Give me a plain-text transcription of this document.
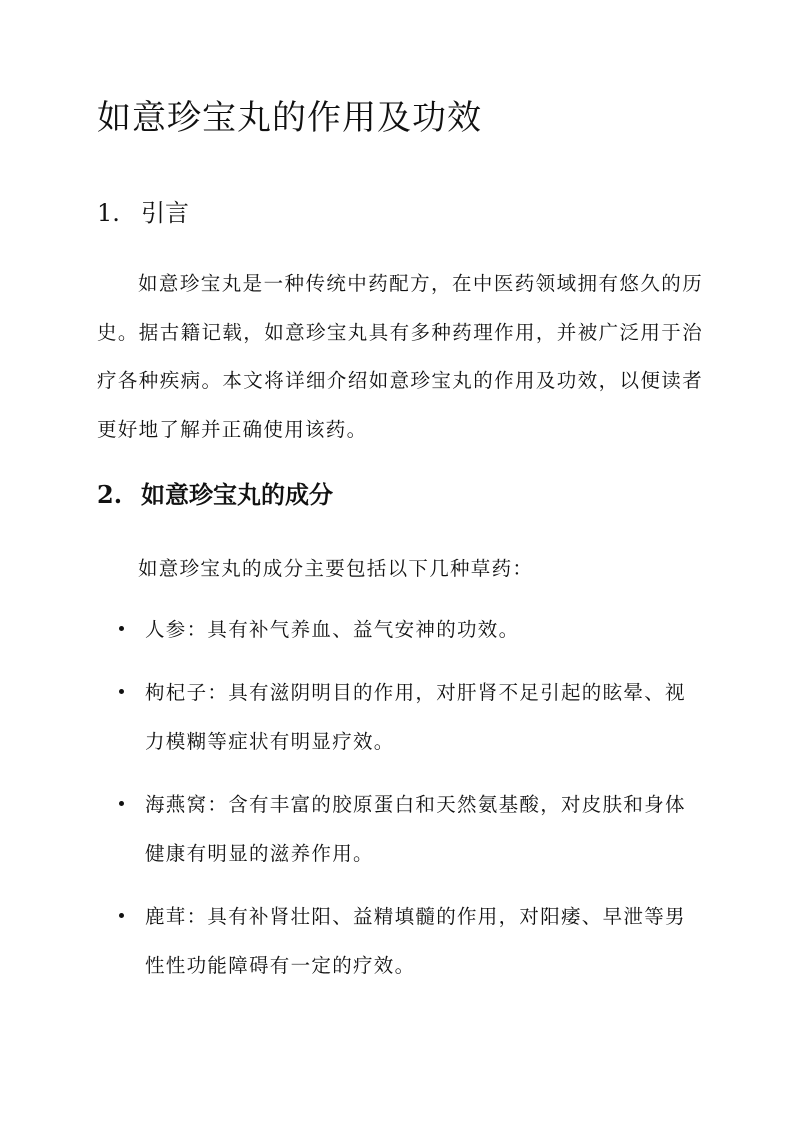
如意珍宝丸的作用及功效
1. 引言

如意珍宝丸是一种传统中药配方，在中医药领域拥有悠久的历史。据古籍记载，如意珍宝丸具有多种药理作用，并被广泛用于治疗各种疾病。本文将详细介绍如意珍宝丸的作用及功效，以便读者更好地了解并正确使用该药。

2. 如意珍宝丸的成分

如意珍宝丸的成分主要包括以下几种草药：

人参：具有补气养血、益气安神的功效。
枸杞子：具有滋阴明目的作用，对肝肾不足引起的眩晕、视力模糊等症状有明显疗效。
海燕窝：含有丰富的胶原蛋白和天然氨基酸，对皮肤和身体健康有明显的滋养作用。
鹿茸：具有补肾壮阳、益精填髓的作用，对阳痿、早泄等男性性功能障碍有一定的疗效。
